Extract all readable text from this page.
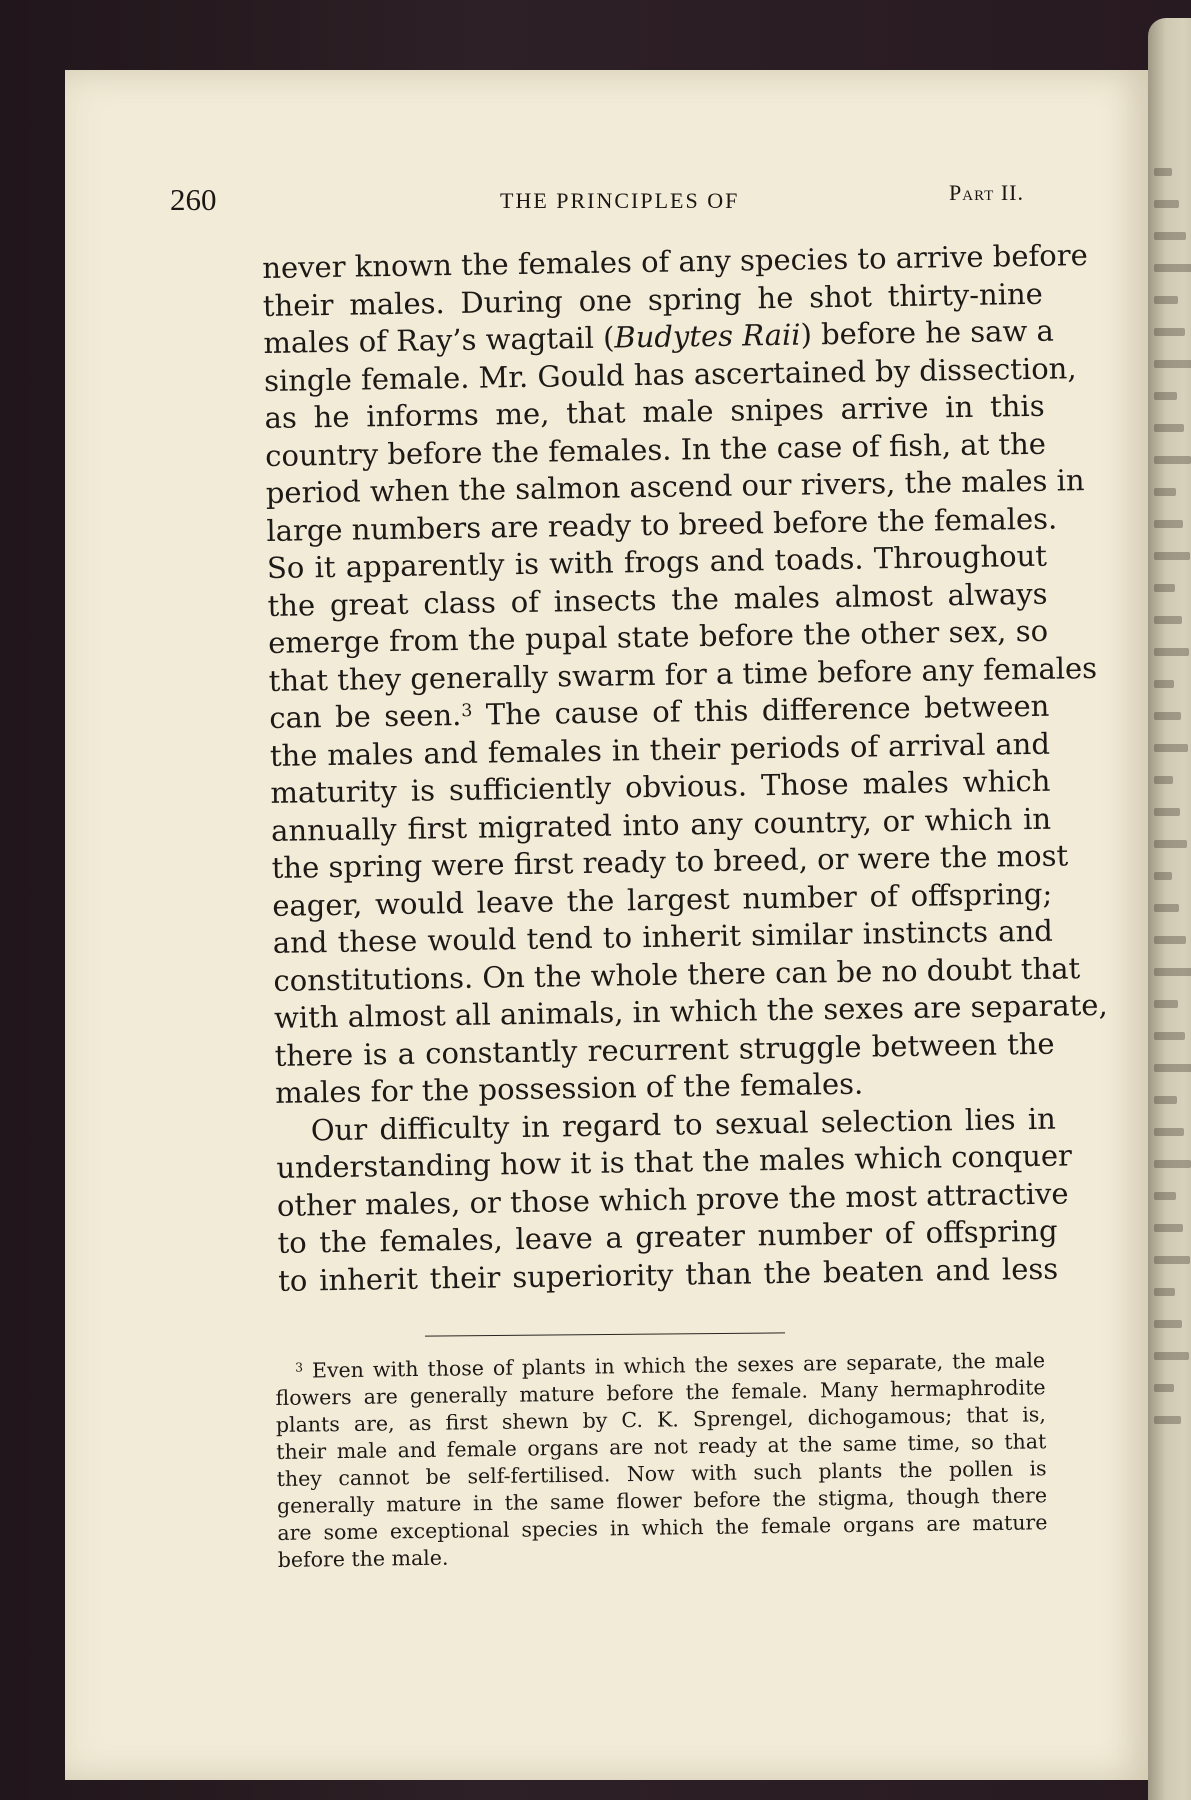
260	THE PRINCIPLES OF	Part II.
never known the females of any species to arrive before
their males. During one spring he shot thirty-nine
males of Ray’s wagtail (Budytes Raii) before he saw a
single female. Mr. Gould has ascertained by dissection,
as he informs me, that male snipes arrive in this
country before the females. In the case of fish, at the
period when the salmon ascend our rivers, the males in
large numbers are ready to breed before the females.
So it apparently is with frogs and toads. Throughout
the great class of insects the males almost always
emerge from the pupal state before the other sex, so
that they generally swarm for a time before any females
can be seen.$^3$ The cause of this difference between
the males and females in their periods of arrival and
maturity is sufficiently obvious. Those males which
annually first migrated into any country, or which in
the spring were first ready to breed, or were the most
eager, would leave the largest number of offspring;
and these would tend to inherit similar instincts and
constitutions. On the whole there can be no doubt that
with almost all animals, in which the sexes are separate,
there is a constantly recurrent struggle between the
males for the possession of the females.
Our difficulty in regard to sexual selection lies in
understanding how it is that the males which conquer
other males, or those which prove the most attractive
to the females, leave a greater number of offspring
to inherit their superiority than the beaten and less
$^3$ Even with those of plants in which the sexes are separate, the male
flowers are generally mature before the female. Many hermaphrodite
plants are, as first shewn by C. K. Sprengel, dichogamous; that is,
their male and female organs are not ready at the same time, so that
they cannot be self-fertilised. Now with such plants the pollen is
generally mature in the same flower before the stigma, though there
are some exceptional species in which the female organs are mature
before the male.
